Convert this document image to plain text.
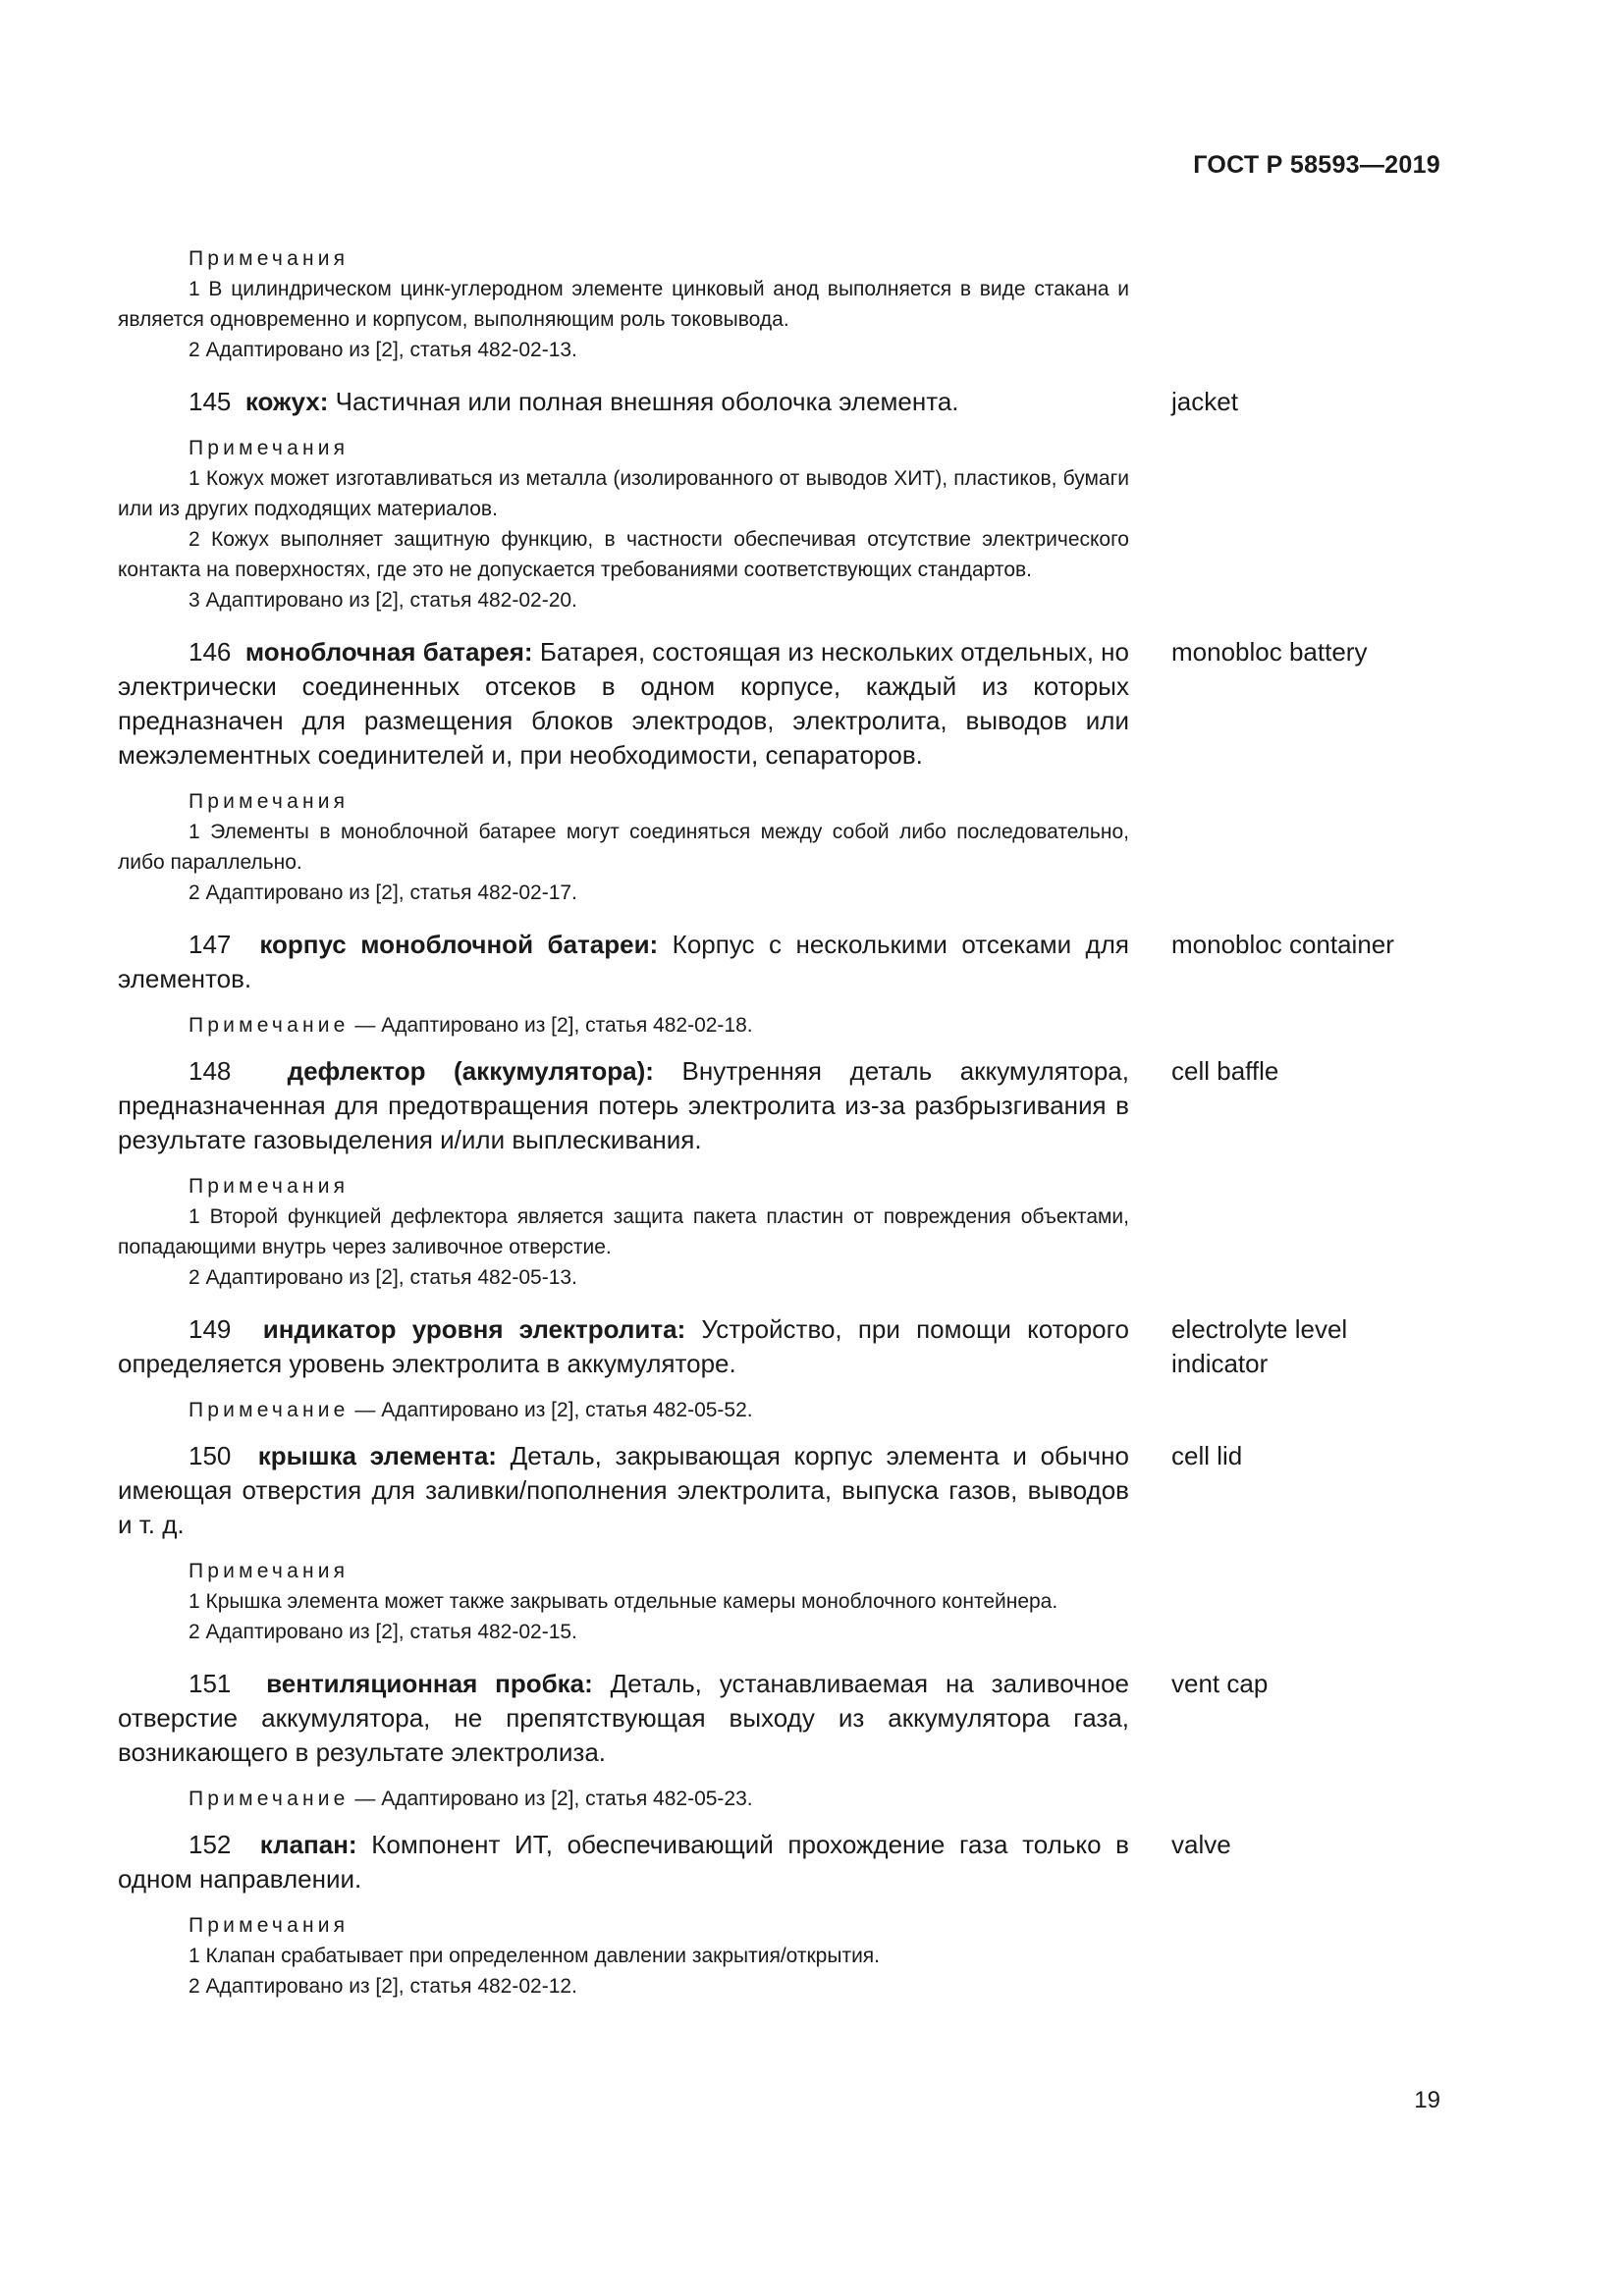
ГОСТ Р 58593—2019
Примечания

1 В цилиндрическом цинк-углеродном элементе цинковый анод выполняется в виде стакана и является одновременно и корпусом, выполняющим роль токовывода.

2 Адаптировано из [2], статья 482-02-13.

145 кожух: Частичная или полная внешняя оболочка элемента.	jacket
Примечания

1 Кожух может изготавливаться из металла (изолированного от выводов ХИТ), пластиков, бумаги или из других подходящих материалов.

2 Кожух выполняет защитную функцию, в частности обеспечивая отсутствие электрического контакта на поверхностях, где это не допускается требованиями соответствующих стандартов.

3 Адаптировано из [2], статья 482-02-20.

146 моноблочная батарея: Батарея, состоящая из нескольких отдельных, но электрически соединенных отсеков в одном корпусе, каждый из которых предназначен для размещения блоков электродов, электролита, выводов или межэлементных соединителей и, при необходимости, сепараторов.
monobloc battery
Примечания

1 Элементы в моноблочной батарее могут соединяться между собой либо последовательно, либо параллельно.

2 Адаптировано из [2], статья 482-02-17.

147 корпус моноблочной батареи: Корпус с несколькими отсеками для элементов.
monobloc container
Примечание — Адаптировано из [2], статья 482-02-18.
148 дефлектор (аккумулятора): Внутренняя деталь аккумулятора, предназначенная для предотвращения потерь электролита из-за разбрызгивания в результате газовыделения и/или выплескивания.
cell baffle
Примечания

1 Второй функцией дефлектора является защита пакета пластин от повреждения объектами, попадающими внутрь через заливочное отверстие.

2 Адаптировано из [2], статья 482-05-13.

149 индикатор уровня электролита: Устройство, при помощи которого определяется уровень электролита в аккумуляторе.
electrolyte level indicator
Примечание — Адаптировано из [2], статья 482-05-52.
150 крышка элемента: Деталь, закрывающая корпус элемента и обычно имеющая отверстия для заливки/пополнения электролита, выпуска газов, выводов и т. д.
cell lid
Примечания

1 Крышка элемента может также закрывать отдельные камеры моноблочного контейнера.

2 Адаптировано из [2], статья 482-02-15.

151 вентиляционная пробка: Деталь, устанавливаемая на заливочное отверстие аккумулятора, не препятствующая выходу из аккумулятора газа, возникающего в результате электролиза.
vent cap
Примечание — Адаптировано из [2], статья 482-05-23.
152 клапан: Компонент ИТ, обеспечивающий прохождение газа только в одном направлении.
valve
Примечания

1 Клапан срабатывает при определенном давлении закрытия/открытия.

2 Адаптировано из [2], статья 482-02-12.

19
